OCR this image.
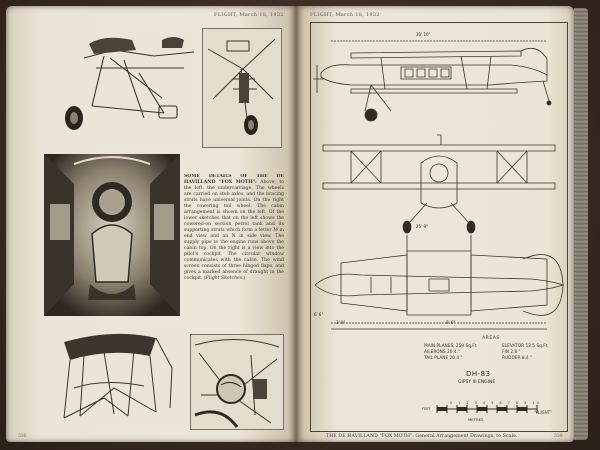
FLIGHT, March 18, 1932
SOME DETAILS OF THE DE HAVILLAND "FOX MOTH": Above, to the left, the undercarriage. The wheels are carried on stub axles, and the bracing struts have universal joints. On the right the cowering tail wheel. The cabin arrangement is shown on the left. Of the lower sketches that on the left shows the cowered-on section petrol tank and its supporting struts which form a letter M in end view and an N in side view. The supply pipe to the engine runs above the cabin top. On the right is a view into the pilot's cockpit. The circular window communicates with the cabin. The wind screen consists of three hinged flaps, and gives a marked absence of draught in the cockpit. (Flight Sketches.)
338
FLIGHT, March 18, 1932
30' 10"
25' 9"
6' 6"
3' 9"	8' 6"
AREAS
MAIN PLANES, 259 Sq.Ft	ELEVATOR 13.5 Sq.Ft
AILERONS 20.4 "	FIN 2.8 "
TAIL PLANE 20.4 "	RUDDER 8.4 "
DH-83
GIPSY III ENGINE
0 1 2 3 4 5 6 7 8 9 10
FEET
METRES
"FLIGHT"
THE DE HAVILLAND "FOX MOTH": General Arrangement Drawings, to Scale.	339
